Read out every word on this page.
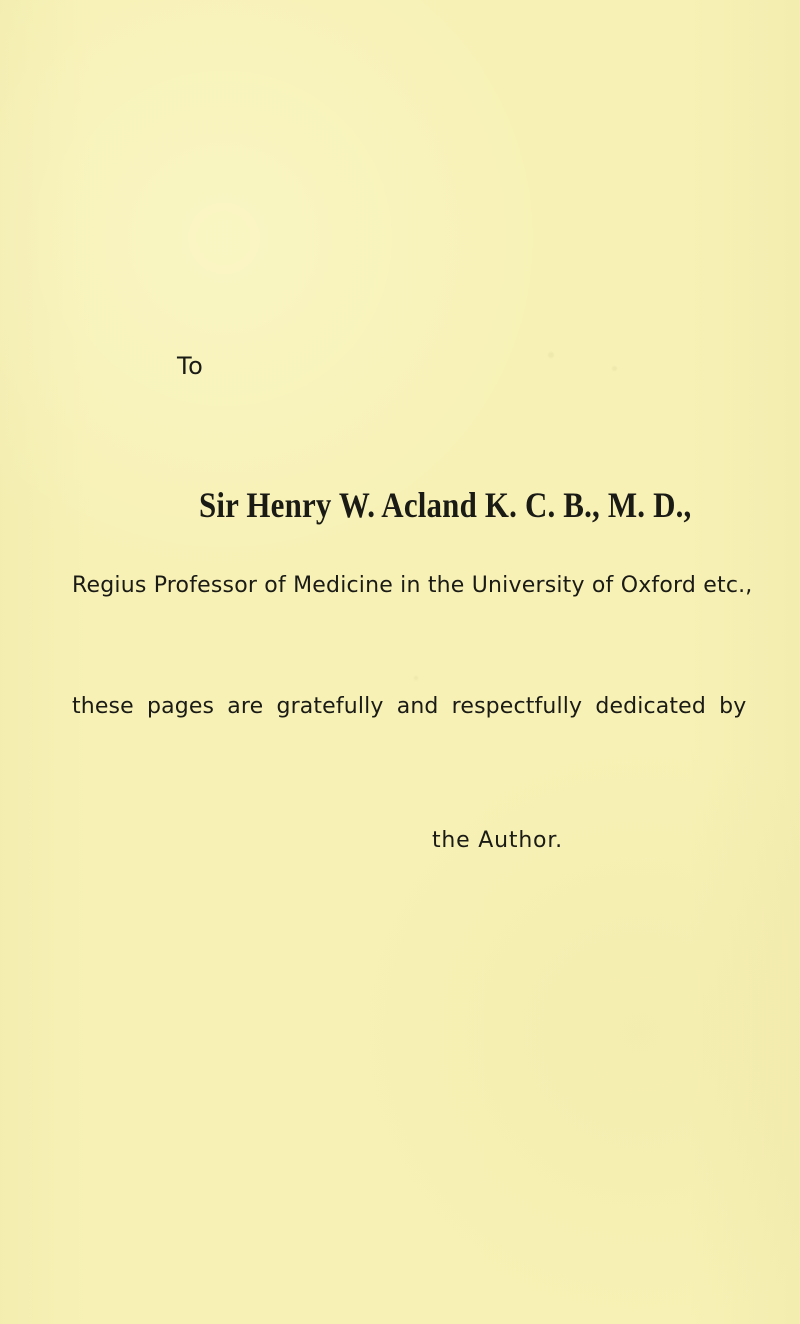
To
Sir Henry W. Acland K. C. B., M. D.,
Regius Professor of Medicine in the University of Oxford etc.,
these pages are gratefully and respectfully dedicated by
the Author.
